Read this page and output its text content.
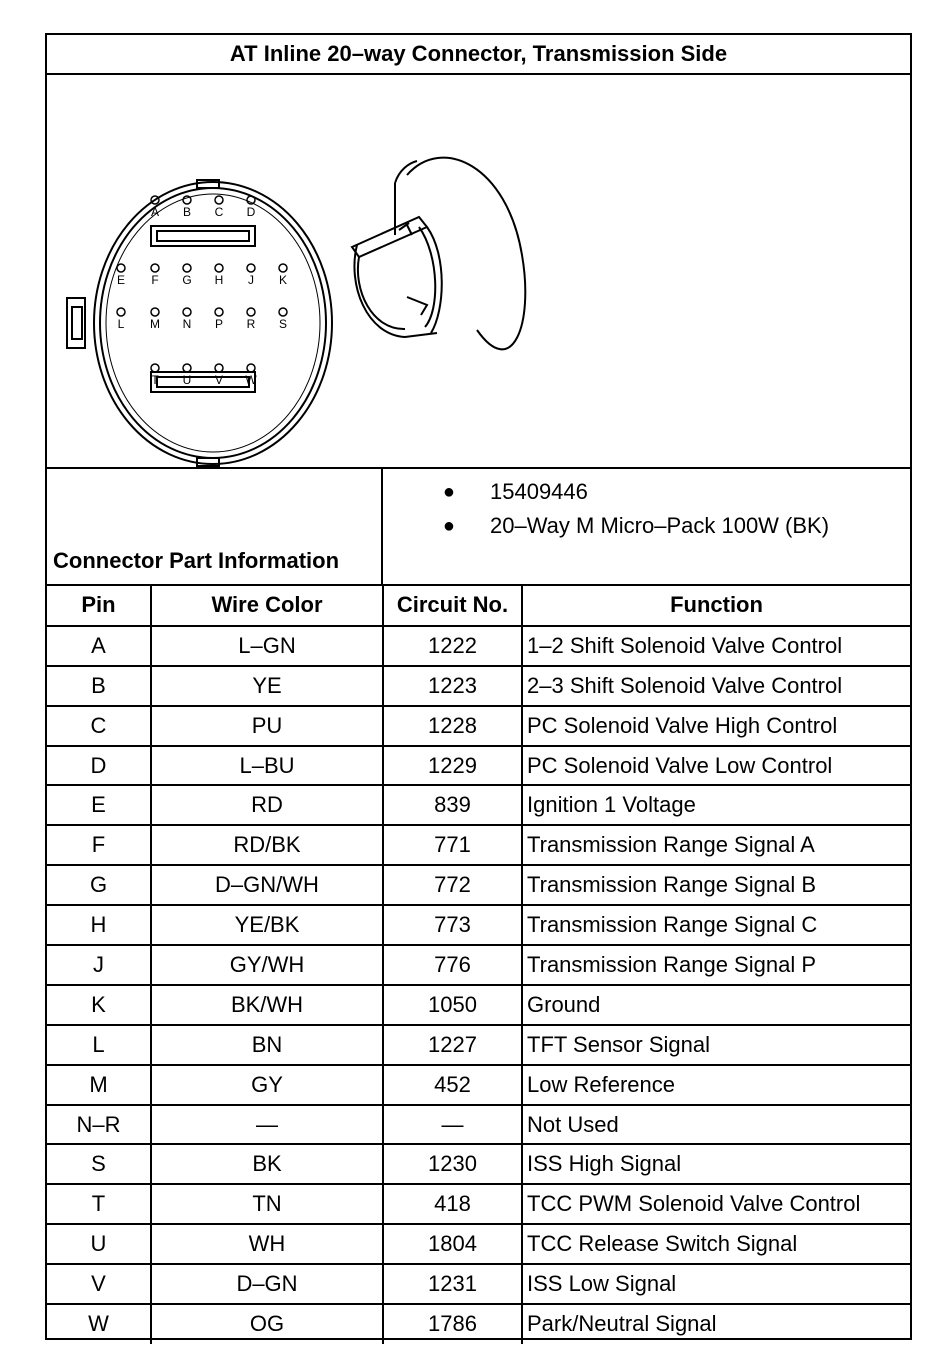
AT Inline 20–way Connector, Transmission Side
A B C D
E F G H J K
L M N P R S
T U V W
Connector Part Information
●	15409446
●	20–Way M Micro–Pack 100W (BK)
Pin	Wire Color	Circuit No.	Function
A	L–GN	1222	1–2 Shift Solenoid Valve Control
B	YE	1223	2–3 Shift Solenoid Valve Control
C	PU	1228	PC Solenoid Valve High Control
D	L–BU	1229	PC Solenoid Valve Low Control
E	RD	839	Ignition 1 Voltage
F	RD/BK	771	Transmission Range Signal A
G	D–GN/WH	772	Transmission Range Signal B
H	YE/BK	773	Transmission Range Signal C
J	GY/WH	776	Transmission Range Signal P
K	BK/WH	1050	Ground
L	BN	1227	TFT Sensor Signal
M	GY	452	Low Reference
N–R	—	—	Not Used
S	BK	1230	ISS High Signal
T	TN	418	TCC PWM Solenoid Valve Control
U	WH	1804	TCC Release Switch Signal
V	D–GN	1231	ISS Low Signal
W	OG	1786	Park/Neutral Signal
